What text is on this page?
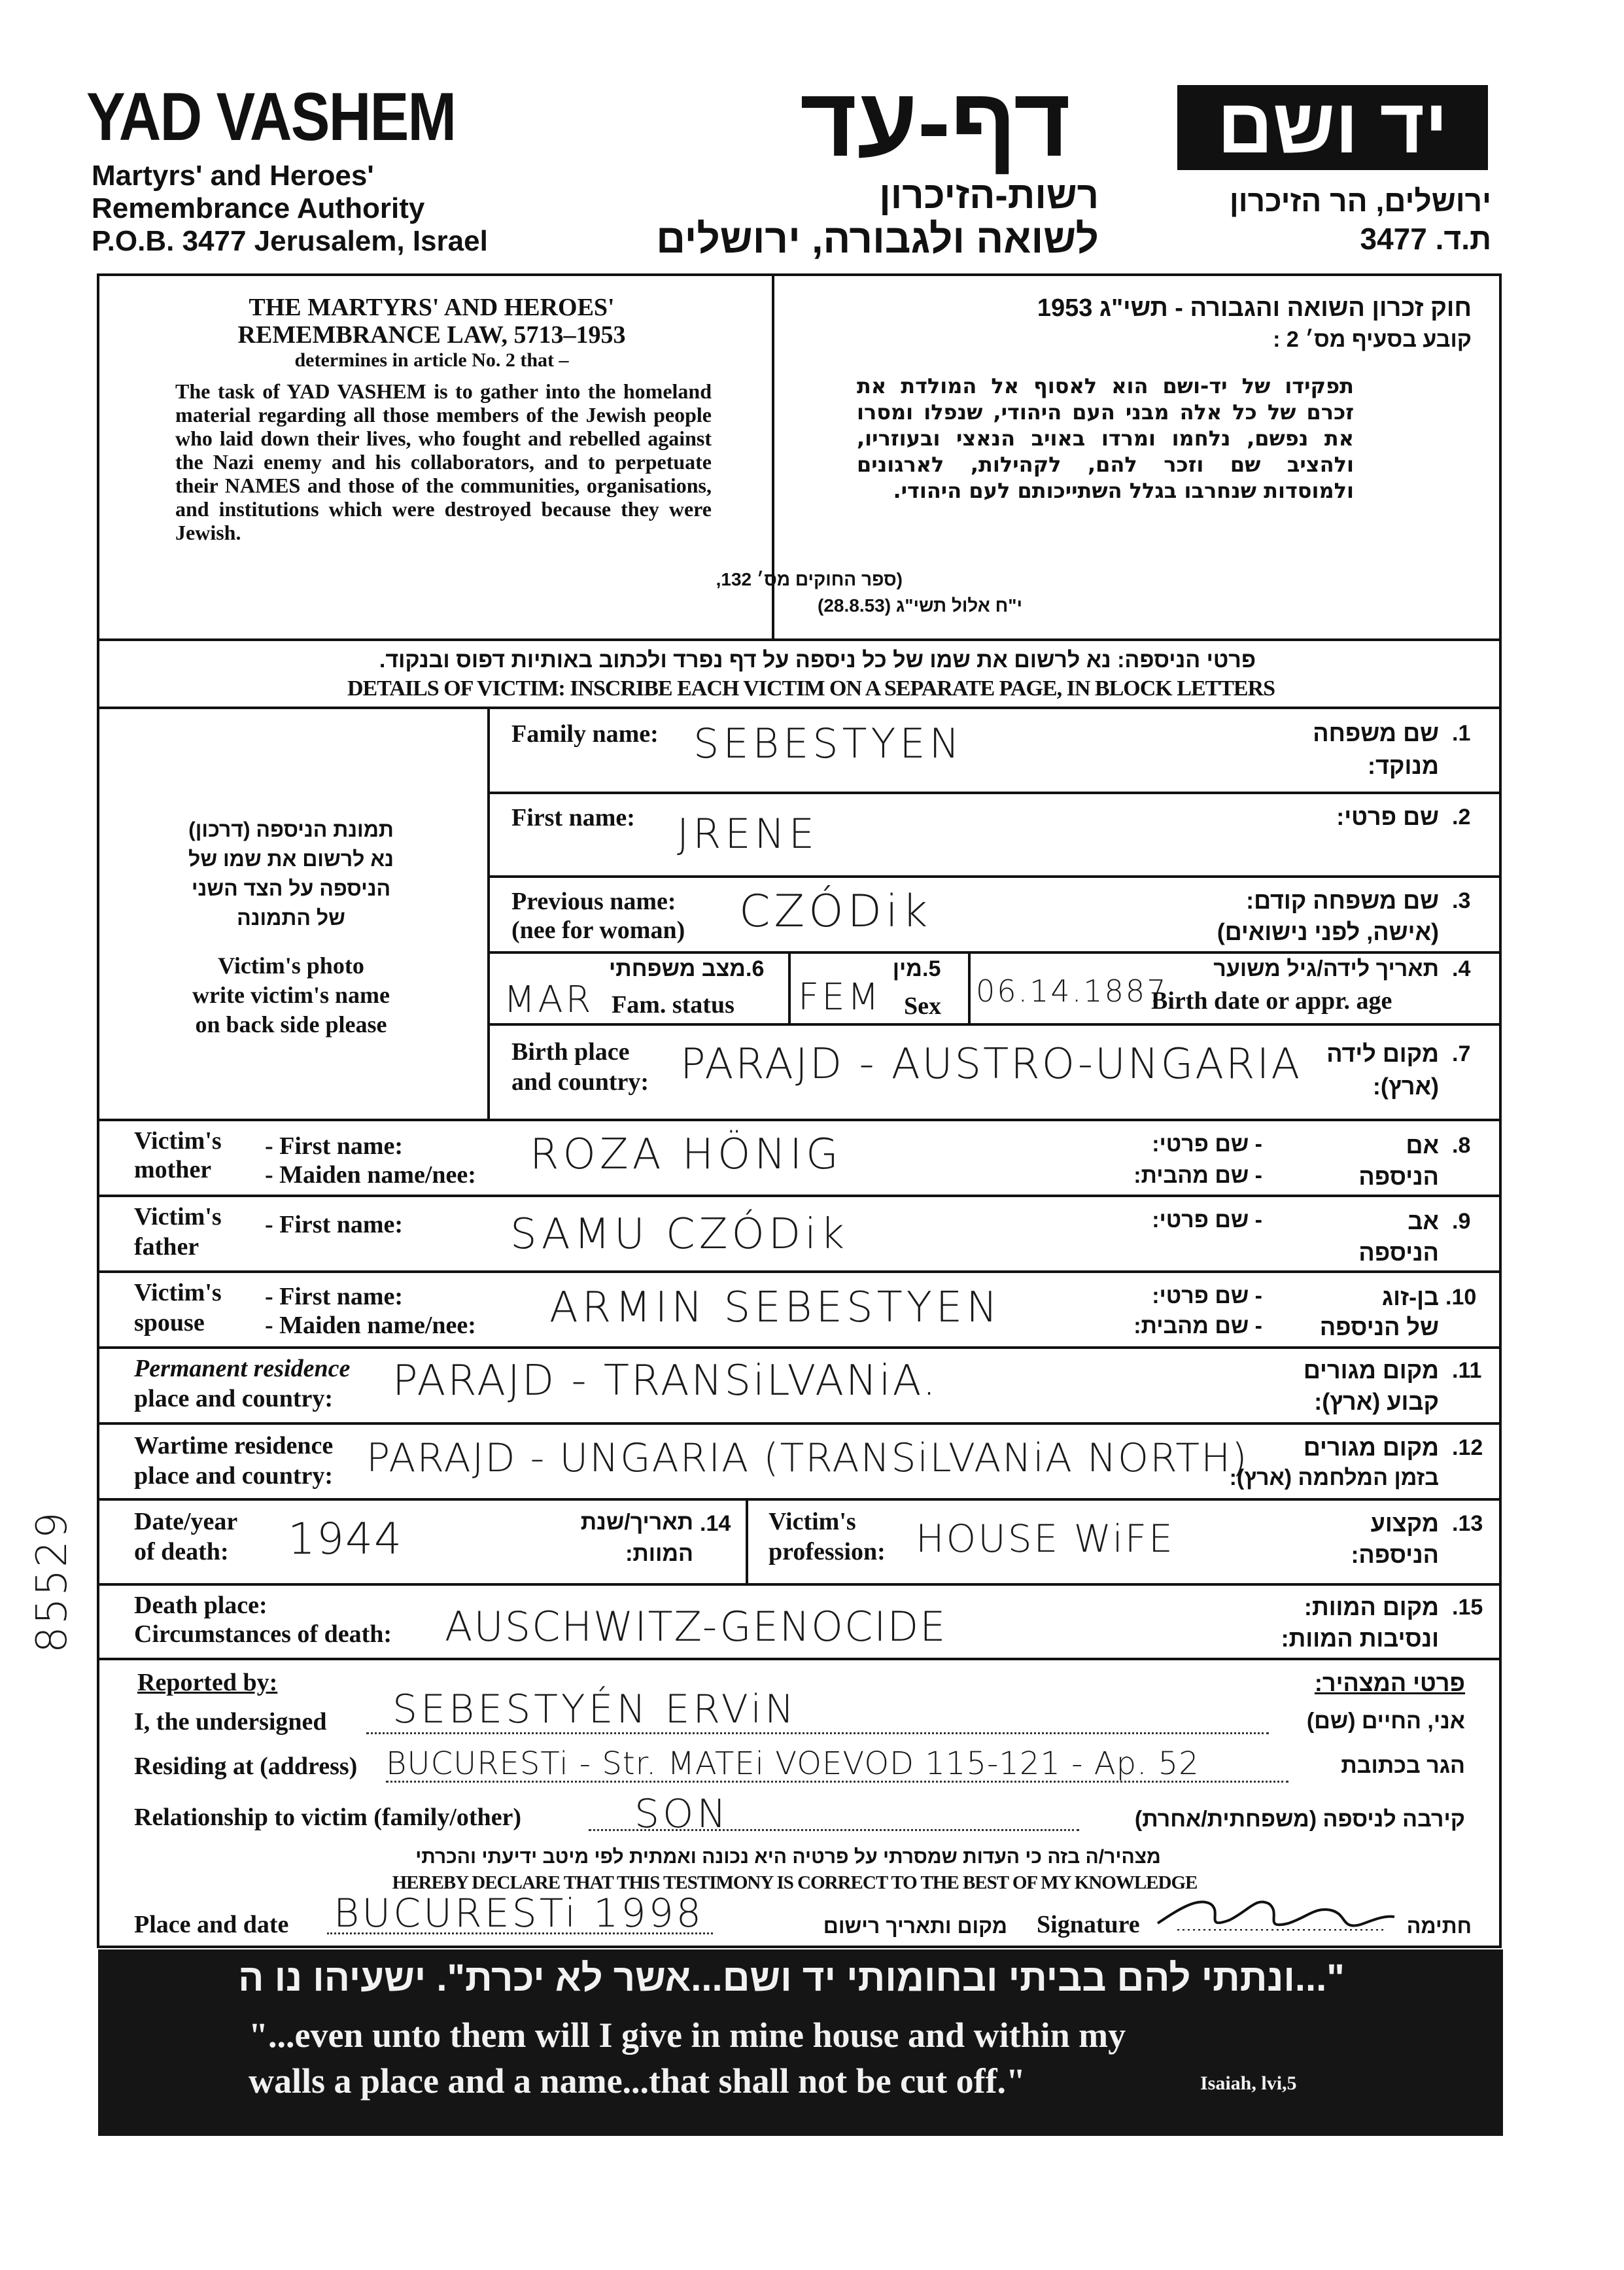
YAD VASHEM
Martyrs' and Heroes'
Remembrance Authority
P.O.B. 3477 Jerusalem, Israel
דף-עד
רשות-הזיכרון
לשואה ולגבורה, ירושלים
יד ושם
ירושלים, הר הזיכרון
ת.ד. 3477
THE MARTYRS' AND HEROES'
REMEMBRANCE LAW, 5713–1953
determines in article No. 2 that –
The task of YAD VASHEM is to gather into the homeland material regarding all those members of the Jewish people who laid down their lives, who fought and rebelled against the Nazi enemy and his collaborators, and to perpetuate their NAMES and those of the communities, organisations, and institutions which were destroyed because they were Jewish.
חוק זכרון השואה והגבורה - תשי"ג 1953
קובע בסעיף מס׳ 2 :
תפקידו של יד-ושם הוא לאסוף אל המולדת את זכרם של כל אלה מבני העם היהודי, שנפלו ומסרו את נפשם, נלחמו ומרדו באויב הנאצי ובעוזריו, ולהציב שם וזכר להם, לקהילות, לארגונים ולמוסדות שנחרבו בגלל השתייכותם לעם היהודי.
(ספר החוקים מס׳ 132,
י"ח אלול תשי"ג (28.8.53)
פרטי הניספה: נא לרשום את שמו של כל ניספה על דף נפרד ולכתוב באותיות דפוס ובנקוד.
DETAILS OF VICTIM: INSCRIBE EACH VICTIM ON A SEPARATE PAGE, IN BLOCK LETTERS
תמונת הניספה (דרכון)
נא לרשום את שמו של
הניספה על הצד השני
של התמונה
Victim's photo
write victim's name
on back side please
Family name: SEBESTYEN	שם משפחה
מנוקד:
.1
First name: JRENE	שם פרטי: .2
Previous name:
(nee for woman) CZÓDik	שם משפחה קודם:
(אישה, לפני נישואים)
.3
.6
מצב משפחתי
MAR Fam. status
.5
מין
FEM Sex
.4
תאריך לידה/גיל משוער
06.14.1887
Birth date or appr. age
Birth place
and country: PARAJD - AUSTRO-UNGARIA	מקום לידה
(ארץ):
.7
Victim's
mother
- First name:
- Maiden name/nee: ROZA HÖNIG	- שם פרטי:
- שם מהבית:
אם
הניספה
.8
Victim's
father
- First name:	SAMU CZÓDik	- שם פרטי:	אב
הניספה
.9
Victim's
spouse
- First name:
- Maiden name/nee: ARMIN SEBESTYEN	- שם פרטי:
- שם מהבית:
בן-זוג
של הניספה
.10
Permanent residence
place and country: PARAJD - TRANSiLVANiA.	מקום מגורים
קבוע (ארץ):
.11
Wartime residence
place and country: PARAJD - UNGARIA (TRANSiLVANiA NORTH)	מקום מגורים
בזמן המלחמה (ארץ):
.12
Date/year
of death: 1944	תאריך/שנת
המוות:
.14 Victim's
profession: HOUSE WiFE	מקצוע
הניספה:
.13
Death place:
Circumstances of death: AUSCHWITZ-GENOCIDE	מקום המוות:
ונסיבות המוות:
.15
Reported by:	פרטי המצהיר:
I, the undersigned SEBESTYÉN ERViN	אני, החיים (שם)
Residing at (address) BUCURESTi - Str. MATEi VOEVOD 115-121 - Ap. 52	הגר בכתובת
Relationship to victim (family/other)	SON	קירבה לניספה (משפחתית/אחרת)
מצהיר/ה בזה כי העדות שמסרתי על פרטיה היא נכונה ואמתית לפי מיטב ידיעתי והכרתי
HEREBY DECLARE THAT THIS TESTIMONY IS CORRECT TO THE BEST OF MY KNOWLEDGE
Place and date BUCURESTi 1998	מקום ותאריך רישום Signature	חתימה
"...ונתתי להם בביתי ובחומותי יד ושם...אשר לא יכרת". ישעיהו נו ה
"...even unto them will I give in mine house and within my
walls a place and a name...that shall not be cut off."	Isaiah, lvi,5
85529
